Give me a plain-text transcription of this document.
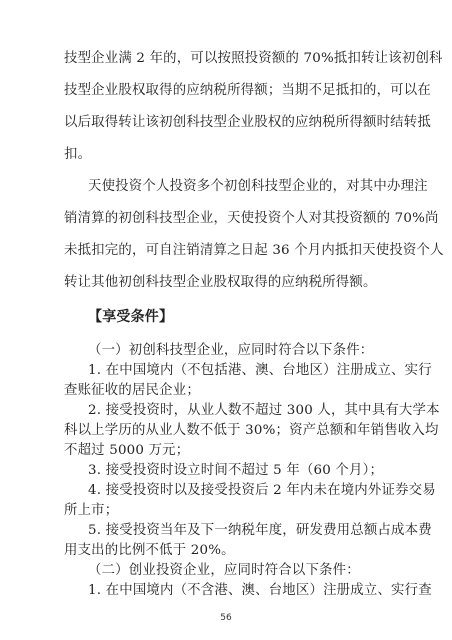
技型企业满 2 年的，可以按照投资额的 70%抵扣转让该初创科
技型企业股权取得的应纳税所得额；当期不足抵扣的，可以在
以后取得转让该初创科技型企业股权的应纳税所得额时结转抵
扣。
天使投资个人投资多个初创科技型企业的，对其中办理注
销清算的初创科技型企业，天使投资个人对其投资额的 70%尚
未抵扣完的，可自注销清算之日起 36 个月内抵扣天使投资个人
转让其他初创科技型企业股权取得的应纳税所得额。
【享受条件】
（一）初创科技型企业，应同时符合以下条件：
1. 在中国境内（不包括港、澳、台地区）注册成立、实行
查账征收的居民企业；
2. 接受投资时，从业人数不超过 300 人，其中具有大学本
科以上学历的从业人数不低于 30%；资产总额和年销售收入均
不超过 5000 万元；
3. 接受投资时设立时间不超过 5 年（60 个月）；
4. 接受投资时以及接受投资后 2 年内未在境内外证券交易
所上市；
5. 接受投资当年及下一纳税年度，研发费用总额占成本费
用支出的比例不低于 20%。
（二）创业投资企业，应同时符合以下条件：
1. 在中国境内（不含港、澳、台地区）注册成立、实行查
56
